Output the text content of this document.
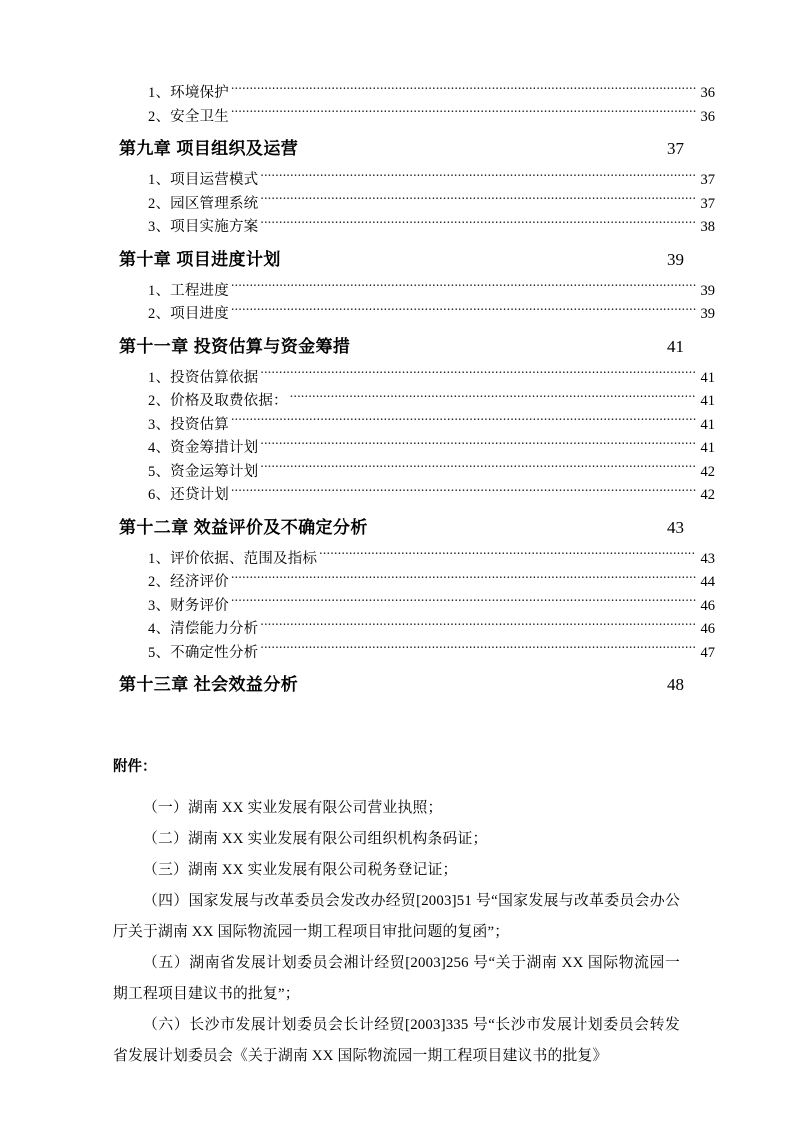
1、环境保护 .....	36
2、安全卫生 .....	36
第九章 项目组织及运营 . . .	37
1、项目运营模式 .....	37
2、园区管理系统 .....	37
3、项目实施方案 .....	38
第十章 项目进度计划 . . .	39
1、工程进度 .....	39
2、项目进度 .....	39
第十一章 投资估算与资金筹措 . . .	41
1、投资估算依据 .....	41
2、价格及取费依据： .....	41
3、投资估算 .....	41
4、资金筹措计划 .....	41
5、资金运筹计划 .....	42
6、还贷计划 .....	42
第十二章 效益评价及不确定分析 . . .	43
1、评价依据、范围及指标 .....	43
2、经济评价 .....	44
3、财务评价 .....	46
4、清偿能力分析 .....	46
5、不确定性分析 .....	47
第十三章 社会效益分析 . . .	48
附件：
（一）湖南 XX 实业发展有限公司营业执照；
（二）湖南 XX 实业发展有限公司组织机构条码证；
（三）湖南 XX 实业发展有限公司税务登记证；
（四）国家发展与改革委员会发改办经贸[2003]51 号“国家发展与改革委员会办公厅关于湖南 XX 国际物流园一期工程项目审批问题的复函”；
（五）湖南省发展计划委员会湘计经贸[2003]256 号“关于湖南 XX 国际物流园一期工程项目建议书的批复”；
（六）长沙市发展计划委员会长计经贸[2003]335 号“长沙市发展计划委员会转发省发展计划委员会《关于湖南 XX 国际物流园一期工程项目建议书的批复》
